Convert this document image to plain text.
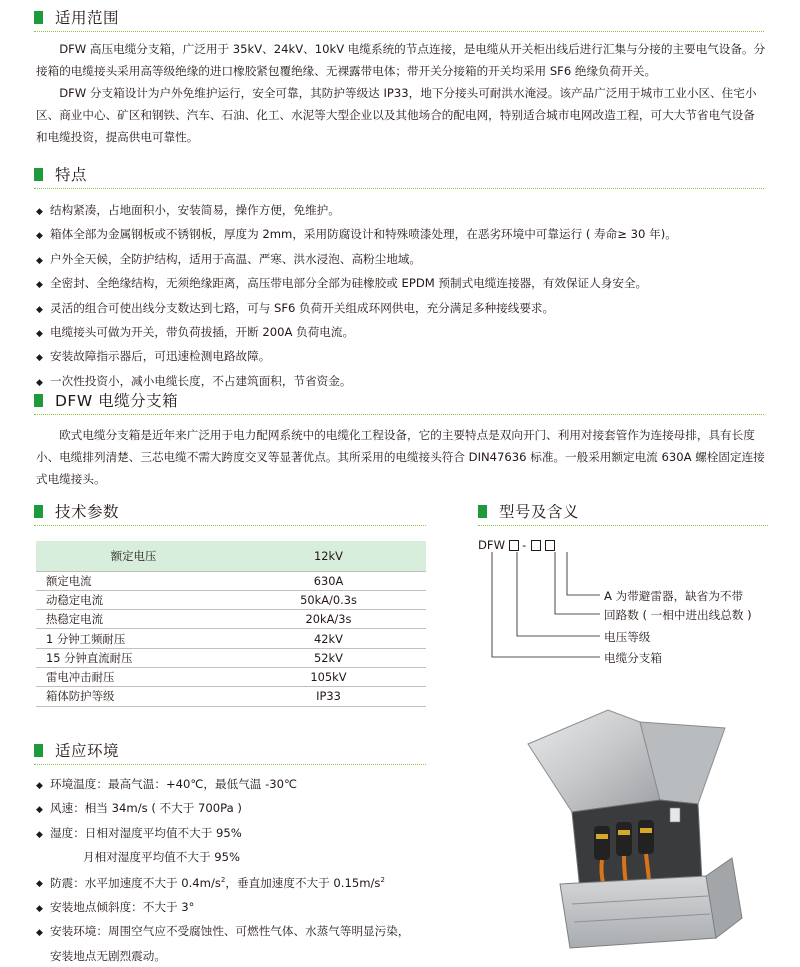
适用范围

DFW 高压电缆分支箱，广泛用于 35kV、24kV、10kV 电缆系统的节点连接，是电缆从开关柜出线后进行汇集与分接的主要电气设备。分接箱的电缆接头采用高等级绝缘的进口橡胶紧包覆绝缘、无裸露带电体；带开关分接箱的开关均采用 SF6 绝缘负荷开关。

DFW 分支箱设计为户外免维护运行，安全可靠，其防护等级达 IP33，地下分接头可耐洪水淹浸。该产品广泛用于城市工业小区、住宅小区、商业中心、矿区和钢铁、汽车、石油、化工、水泥等大型企业以及其他场合的配电网，特别适合城市电网改造工程，可大大节省电气设备和电缆投资，提高供电可靠性。

特点
◆ 结构紧凑，占地面积小，安装简易，操作方便，免维护。
◆ 箱体全部为金属钢板或不锈钢板，厚度为 2mm，采用防腐设计和特殊喷漆处理，在恶劣环境中可靠运行 ( 寿命≥ 30 年)。
◆ 户外全天候，全防护结构，适用于高温、严寒、洪水浸泡、高粉尘地域。
◆ 全密封、全绝缘结构，无须绝缘距离，高压带电部分全部为硅橡胶或 EPDM 预制式电缆连接器，有效保证人身安全。
◆ 灵活的组合可使出线分支数达到七路，可与 SF6 负荷开关组成环网供电，充分满足多种接线要求。
◆ 电缆接头可做为开关，带负荷拔插，开断 200A 负荷电流。
◆ 安装故障指示器后，可迅速检测电路故障。
◆ 一次性投资小，减小电缆长度，不占建筑面积，节省资金。
DFW 电缆分支箱

欧式电缆分支箱是近年来广泛用于电力配网系统中的电缆化工程设备，它的主要特点是双向开门、利用对接套管作为连接母排，具有长度小、电缆排列清楚、三芯电缆不需大跨度交叉等显著优点。其所采用的电缆接头符合 DIN47636 标准。一般采用额定电流 630A 螺栓固定连接式电缆接头。

技术参数
额定电压	12kV
额定电流	630A
动稳定电流	50kA/0.3s
热稳定电流	20kA/3s
1 分钟工频耐压	42kV
15 分钟直流耐压	52kV
雷电冲击耐压	105kV
箱体防护等级	IP33
型号及含义
DFW -
A 为带避雷器，缺省为不带
回路数 ( 一相中进出线总数 )
电压等级
电缆分支箱
适应环境
◆ 环境温度：最高气温：+40℃，最低气温 -30℃
◆ 风速：相当 34m/s ( 不大于 700Pa )
◆ 湿度：日相对湿度平均值不大于 95%
月相对湿度平均值不大于 95%
◆ 防震：水平加速度不大于 $0.4m/s^2$，垂直加速度不大于 $0.15m/s^2$
◆ 安装地点倾斜度：不大于 3°
◆ 安装环境：周围空气应不受腐蚀性、可燃性气体、水蒸气等明显污染，
安装地点无剧烈震动。
